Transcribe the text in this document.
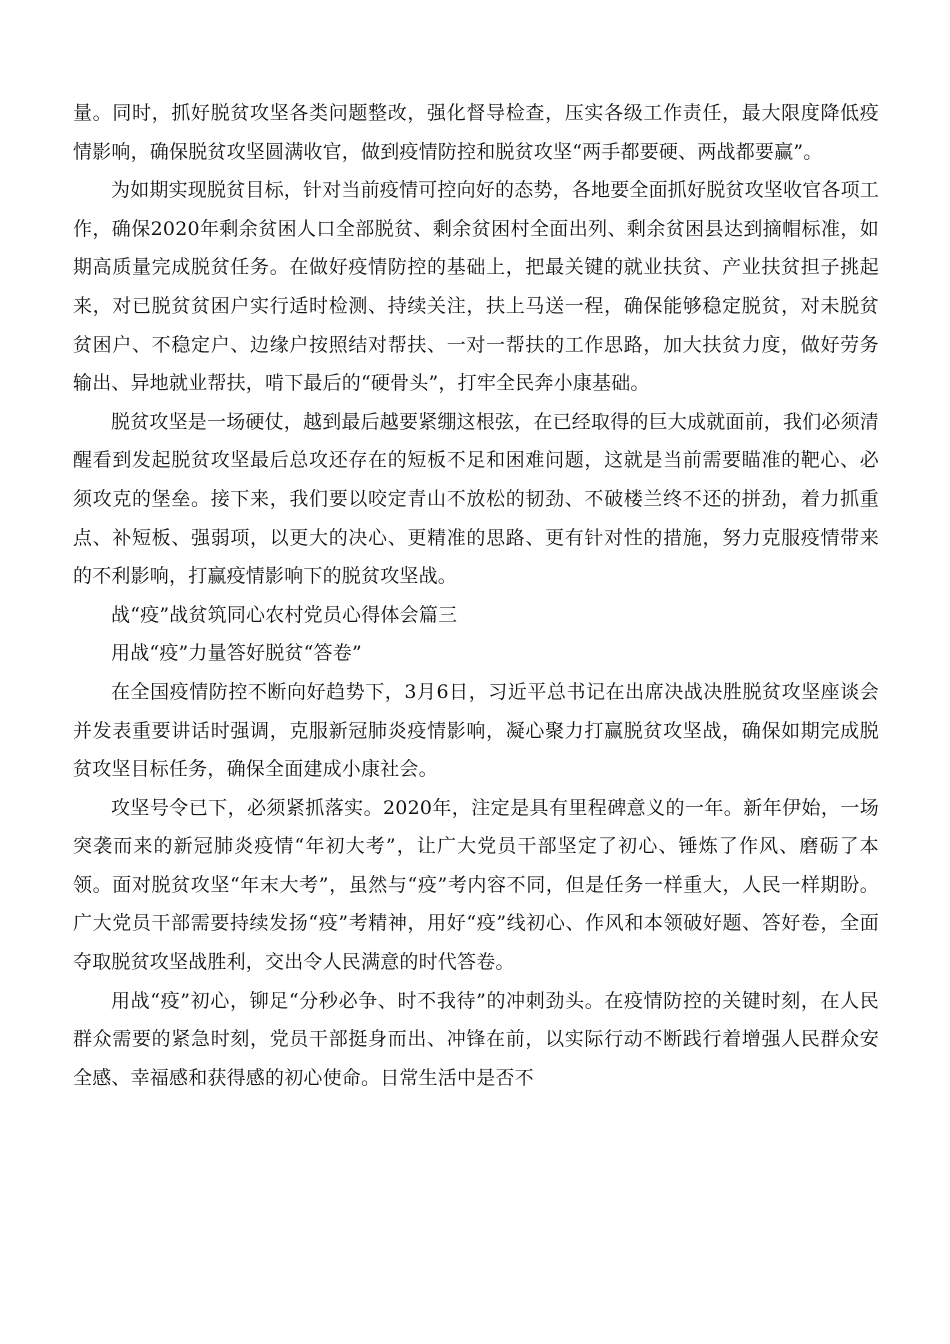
量。同时，抓好脱贫攻坚各类问题整改，强化督导检查，压实各级工作责任，最大限度降低疫情影响，确保脱贫攻坚圆满收官，做到疫情防控和脱贫攻坚“两手都要硬、两战都要赢”。

为如期实现脱贫目标，针对当前疫情可控向好的态势，各地要全面抓好脱贫攻坚收官各项工作，确保2020年剩余贫困人口全部脱贫、剩余贫困村全面出列、剩余贫困县达到摘帽标准，如期高质量完成脱贫任务。在做好疫情防控的基础上，把最关键的就业扶贫、产业扶贫担子挑起来，对已脱贫贫困户实行适时检测、持续关注，扶上马送一程，确保能够稳定脱贫，对未脱贫贫困户、不稳定户、边缘户按照结对帮扶、一对一帮扶的工作思路，加大扶贫力度，做好劳务输出、异地就业帮扶，啃下最后的“硬骨头”，打牢全民奔小康基础。

脱贫攻坚是一场硬仗，越到最后越要紧绷这根弦，在已经取得的巨大成就面前，我们必须清醒看到发起脱贫攻坚最后总攻还存在的短板不足和困难问题，这就是当前需要瞄准的靶心、必须攻克的堡垒。接下来，我们要以咬定青山不放松的韧劲、不破楼兰终不还的拼劲，着力抓重点、补短板、强弱项，以更大的决心、更精准的思路、更有针对性的措施，努力克服疫情带来的不利影响，打赢疫情影响下的脱贫攻坚战。

战“疫”战贫筑同心农村党员心得体会篇三

用战“疫”力量答好脱贫“答卷”

在全国疫情防控不断向好趋势下，3月6日，习近平总书记在出席决战决胜脱贫攻坚座谈会并发表重要讲话时强调，克服新冠肺炎疫情影响，凝心聚力打赢脱贫攻坚战，确保如期完成脱贫攻坚目标任务，确保全面建成小康社会。

攻坚号令已下，必须紧抓落实。2020年，注定是具有里程碑意义的一年。新年伊始，一场突袭而来的新冠肺炎疫情“年初大考”，让广大党员干部坚定了初心、锤炼了作风、磨砺了本领。面对脱贫攻坚“年末大考”，虽然与“疫”考内容不同，但是任务一样重大，人民一样期盼。广大党员干部需要持续发扬“疫”考精神，用好“疫”线初心、作风和本领破好题、答好卷，全面夺取脱贫攻坚战胜利，交出令人民满意的时代答卷。

用战“疫”初心，铆足“分秒必争、时不我待”的冲刺劲头。在疫情防控的关键时刻，在人民群众需要的紧急时刻，党员干部挺身而出、冲锋在前，以实际行动不断践行着增强人民群众安全感、幸福感和获得感的初心使命。日常生活中是否不
